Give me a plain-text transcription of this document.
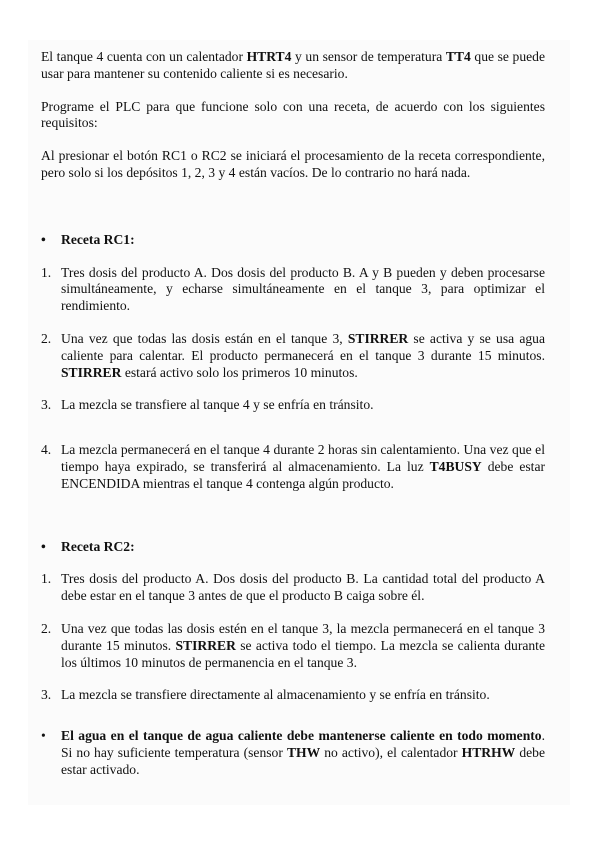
El tanque 4 cuenta con un calentador HTRT4 y un sensor de temperatura TT4 que se puede usar para mantener su contenido caliente si es necesario.

Programe el PLC para que funcione solo con una receta, de acuerdo con los siguientes requisitos:

Al presionar el botón RC1 o RC2 se iniciará el procesamiento de la receta correspondiente, pero solo si los depósitos 1, 2, 3 y 4 están vacíos. De lo contrario no hará nada.

• Receta RC1:
1. Tres dosis del producto A. Dos dosis del producto B. A y B pueden y deben procesarse simultáneamente, y echarse simultáneamente en el tanque 3, para optimizar el rendimiento.
2. Una vez que todas las dosis están en el tanque 3, STIRRER se activa y se usa agua caliente para calentar. El producto permanecerá en el tanque 3 durante 15 minutos. STIRRER estará activo solo los primeros 10 minutos.
3. La mezcla se transfiere al tanque 4 y se enfría en tránsito.
4. La mezcla permanecerá en el tanque 4 durante 2 horas sin calentamiento. Una vez que el tiempo haya expirado, se transferirá al almacenamiento. La luz T4BUSY debe estar ENCENDIDA mientras el tanque 4 contenga algún producto.
• Receta RC2:
1. Tres dosis del producto A. Dos dosis del producto B. La cantidad total del producto A debe estar en el tanque 3 antes de que el producto B caiga sobre él.
2. Una vez que todas las dosis estén en el tanque 3, la mezcla permanecerá en el tanque 3 durante 15 minutos. STIRRER se activa todo el tiempo. La mezcla se calienta durante los últimos 10 minutos de permanencia en el tanque 3.
3. La mezcla se transfiere directamente al almacenamiento y se enfría en tránsito.
• El agua en el tanque de agua caliente debe mantenerse caliente en todo momento. Si no hay suficiente temperatura (sensor THW no activo), el calentador HTRHW debe estar activado.
